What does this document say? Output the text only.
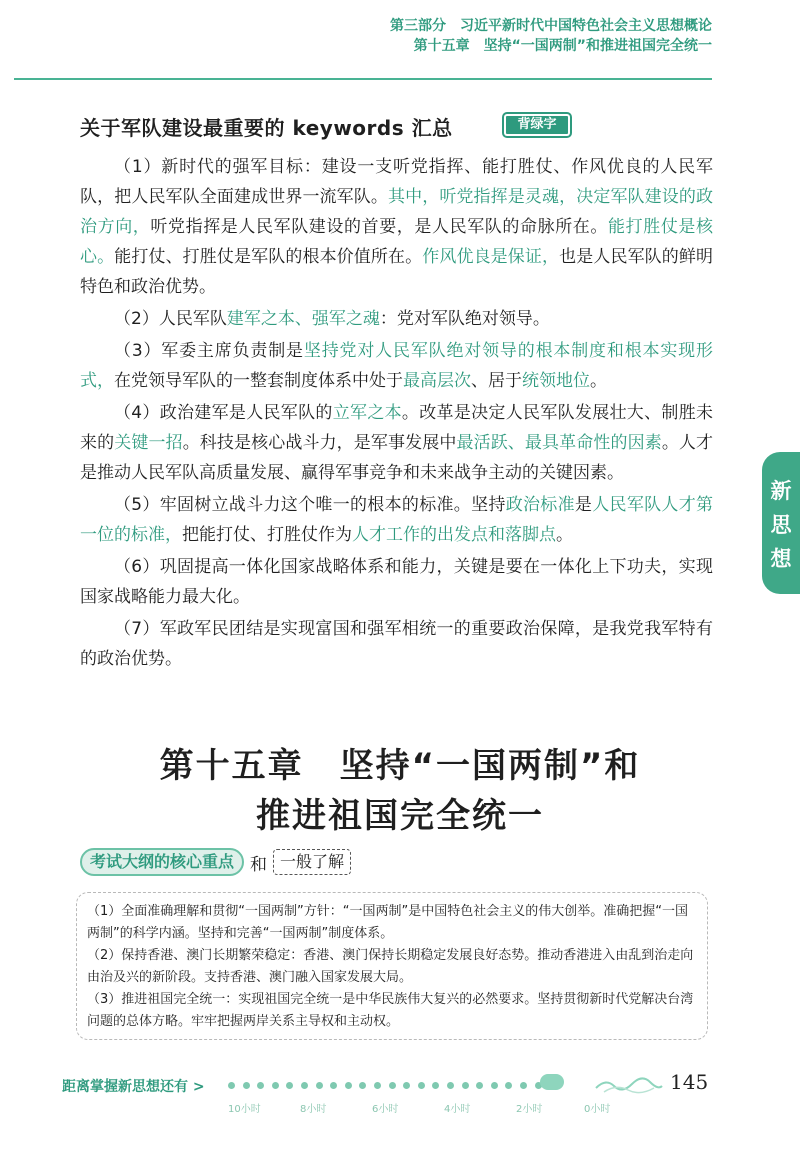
第三部分　习近平新时代中国特色社会主义思想概论
第十五章　坚持“一国两制”和推进祖国完全统一
关于军队建设最重要的 keywords 汇总	背绿字

（1）新时代的强军目标：建设一支听党指挥、能打胜仗、作风优良的人民军队，把人民军队全面建成世界一流军队。其中，听党指挥是灵魂，决定军队建设的政治方向，听党指挥是人民军队建设的首要，是人民军队的命脉所在。能打胜仗是核心。能打仗、打胜仗是军队的根本价值所在。作风优良是保证，也是人民军队的鲜明特色和政治优势。

（2）人民军队建军之本、强军之魂：党对军队绝对领导。

（3）军委主席负责制是坚持党对人民军队绝对领导的根本制度和根本实现形式，在党领导军队的一整套制度体系中处于最高层次、居于统领地位。

（4）政治建军是人民军队的立军之本。改革是决定人民军队发展壮大、制胜未来的关键一招。科技是核心战斗力，是军事发展中最活跃、最具革命性的因素。人才是推动人民军队高质量发展、赢得军事竞争和未来战争主动的关键因素。

（5）牢固树立战斗力这个唯一的根本的标准。坚持政治标准是人民军队人才第一位的标准，把能打仗、打胜仗作为人才工作的出发点和落脚点。

（6）巩固提高一体化国家战略体系和能力，关键是要在一体化上下功夫，实现国家战略能力最大化。

（7）军政军民团结是实现富国和强军相统一的重要政治保障，是我党我军特有的政治优势。

新
思
想
第十五章　坚持“一国两制”和
推进祖国完全统一
考试大纲的核心重点 和 一般了解

（1）全面准确理解和贯彻“一国两制”方针：“一国两制”是中国特色社会主义的伟大创举。准确把握“一国两制”的科学内涵。坚持和完善“一国两制”制度体系。

（2）保持香港、澳门长期繁荣稳定：香港、澳门保持长期稳定发展良好态势。推动香港进入由乱到治走向由治及兴的新阶段。支持香港、澳门融入国家发展大局。

（3）推进祖国完全统一：实现祖国完全统一是中华民族伟大复兴的必然要求。坚持贯彻新时代党解决台湾问题的总体方略。牢牢把握两岸关系主导权和主动权。

距离掌握新思想还有 >	145
10小时	8小时	6小时	4小时	2小时	0小时
